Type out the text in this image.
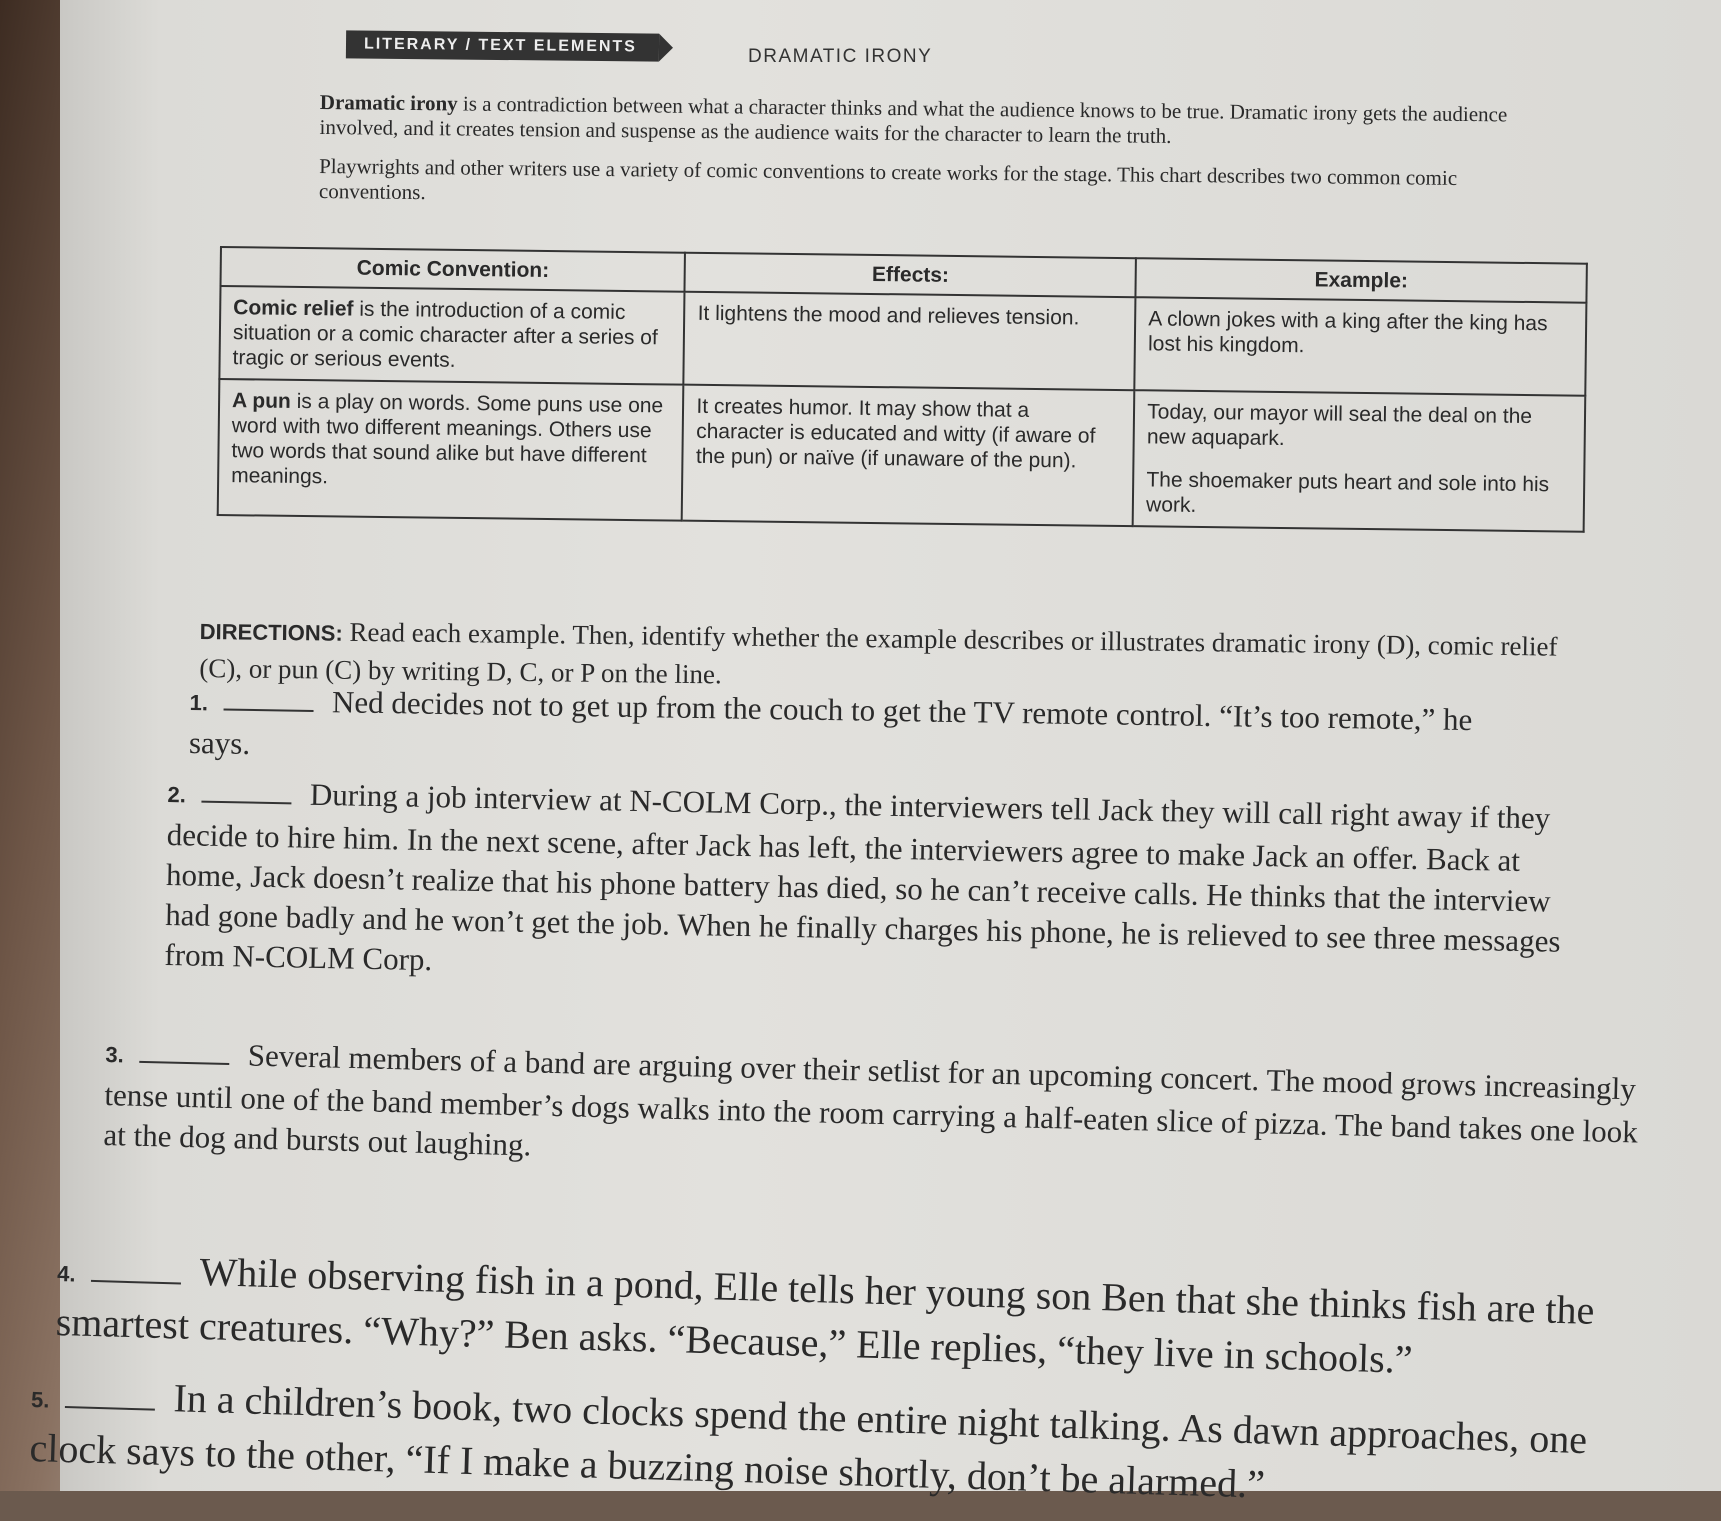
LITERARY / TEXT ELEMENTS
DRAMATIC IRONY

Dramatic irony is a contradiction between what a character thinks and what the audience knows to be true. Dramatic irony gets the audience involved, and it creates tension and suspense as the audience waits for the character to learn the truth.

Playwrights and other writers use a variety of comic conventions to create works for the stage. This chart describes two common comic conventions.

Comic Convention:	Effects:	Example:
Comic relief is the introduction of a comic situation or a comic character after a series of tragic or serious events.	It lightens the mood and relieves tension.	A clown jokes with a king after the king has lost his kingdom.
A pun is a play on words. Some puns use one word with two different meanings. Others use two words that sound alike but have different meanings.	It creates humor. It may show that a character is educated and witty (if aware of the pun) or naïve (if unaware of the pun).	Today, our mayor will seal the deal on the new aquapark.
The shoemaker puts heart and sole into his work.
DIRECTIONS: Read each example. Then, identify whether the example describes or illustrates dramatic irony (D), comic relief (C), or pun (C) by writing D, C, or P on the line.
1.	Ned decides not to get up from the couch to get the TV remote control. “It’s too remote,” he says.
2.	During a job interview at N-COLM Corp., the interviewers tell Jack they will call right away if they decide to hire him. In the next scene, after Jack has left, the interviewers agree to make Jack an offer. Back at home, Jack doesn’t realize that his phone battery has died, so he can’t receive calls. He thinks that the interview had gone badly and he won’t get the job. When he finally charges his phone, he is relieved to see three messages from N-COLM Corp.
3.	Several members of a band are arguing over their setlist for an upcoming concert. The mood grows increasingly tense until one of the band member’s dogs walks into the room carrying a half-eaten slice of pizza. The band takes one look at the dog and bursts out laughing.
4.	While observing fish in a pond, Elle tells her young son Ben that she thinks fish are the smartest creatures. “Why?” Ben asks. “Because,” Elle replies, “they live in schools.”
5.	In a children’s book, two clocks spend the entire night talking. As dawn approaches, one clock says to the other, “If I make a buzzing noise shortly, don’t be alarmed.”
